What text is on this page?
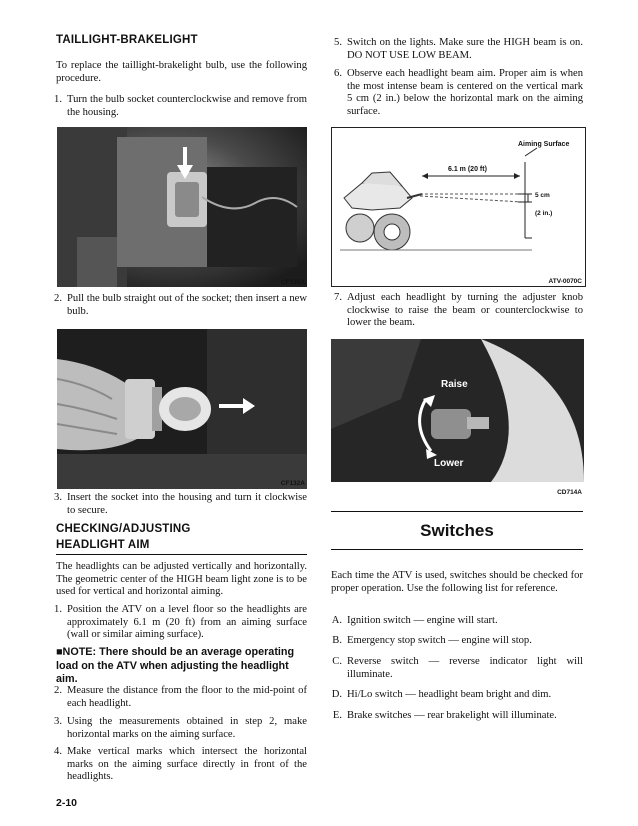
TAILLIGHT-BRAKELIGHT
To replace the taillight-brakelight bulb, use the following procedure.
1. Turn the bulb socket counterclockwise and remove from the housing.
CF135A
2. Pull the bulb straight out of the socket; then insert a new bulb.
CF132A
3. Insert the socket into the housing and turn it clockwise to secure.
CHECKING/ADJUSTING
HEADLIGHT AIM
The headlights can be adjusted vertically and horizontally. The geometric center of the HIGH beam light zone is to be used for vertical and horizontal aiming.
1. Position the ATV on a level floor so the headlights are approximately 6.1 m (20 ft) from an aiming surface (wall or similar aiming surface).
■NOTE: There should be an average operating load on the ATV when adjusting the headlight aim.
2. Measure the distance from the floor to the mid-point of each headlight.
3. Using the measurements obtained in step 2, make horizontal marks on the aiming surface.
4. Make vertical marks which intersect the horizontal marks on the aiming surface directly in front of the headlights.
2-10
5. Switch on the lights. Make sure the HIGH beam is on. DO NOT USE LOW BEAM.
6. Observe each headlight beam aim. Proper aim is when the most intense beam is centered on the vertical mark 5 cm (2 in.) below the horizontal mark on the aiming surface.
Aiming Surface
6.1 m (20 ft)
5 cm
(2 in.)
ATV-0070C
7. Adjust each headlight by turning the adjuster knob clockwise to raise the beam or counterclockwise to lower the beam.
Raise
Lower
CD714A
Switches
Each time the ATV is used, switches should be checked for proper operation. Use the following list for reference.
A. Ignition switch — engine will start.
B. Emergency stop switch — engine will stop.
C. Reverse switch — reverse indicator light will illuminate.
D. Hi/Lo switch — headlight beam bright and dim.
E. Brake switches — rear brakelight will illuminate.
